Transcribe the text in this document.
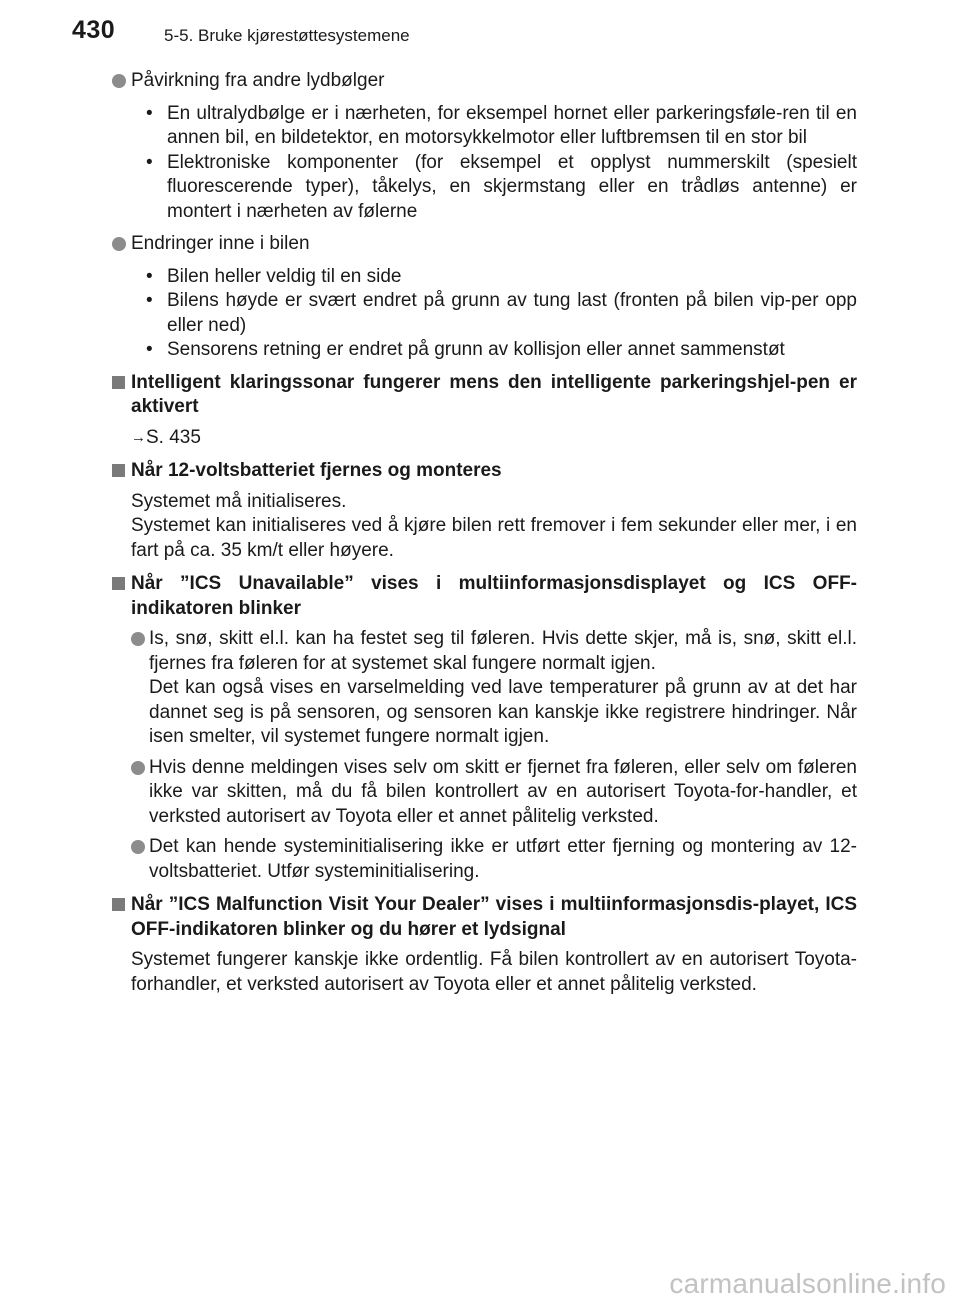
430	5-5. Bruke kjørestøttesystemene
Påvirkning fra andre lydbølger
• En ultralydbølge er i nærheten, for eksempel hornet eller parkeringsføle-ren til en annen bil, en bildetektor, en motorsykkelmotor eller luftbremsen til en stor bil
• Elektroniske komponenter (for eksempel et opplyst nummerskilt (spesielt fluorescerende typer), tåkelys, en skjermstang eller en trådløs antenne) er montert i nærheten av følerne
Endringer inne i bilen
• Bilen heller veldig til en side
• Bilens høyde er svært endret på grunn av tung last (fronten på bilen vip-per opp eller ned)
• Sensorens retning er endret på grunn av kollisjon eller annet sammenstøt
Intelligent klaringssonar fungerer mens den intelligente parkeringshjel-pen er aktivert
→S. 435
Når 12-voltsbatteriet fjernes og monteres

Systemet må initialiseres.

Systemet kan initialiseres ved å kjøre bilen rett fremover i fem sekunder eller mer, i en fart på ca. 35 km/t eller høyere.

Når ”ICS Unavailable” vises i multiinformasjonsdisplayet og ICS OFF-indikatoren blinker

Is, snø, skitt el.l. kan ha festet seg til føleren. Hvis dette skjer, må is, snø, skitt el.l. fjernes fra føleren for at systemet skal fungere normalt igjen.

Det kan også vises en varselmelding ved lave temperaturer på grunn av at det har dannet seg is på sensoren, og sensoren kan kanskje ikke registrere hindringer. Når isen smelter, vil systemet fungere normalt igjen.

Hvis denne meldingen vises selv om skitt er fjernet fra føleren, eller selv om føleren ikke var skitten, må du få bilen kontrollert av en autorisert Toyota-for-handler, et verksted autorisert av Toyota eller et annet pålitelig verksted.

Det kan hende systeminitialisering ikke er utført etter fjerning og montering av 12-voltsbatteriet. Utfør systeminitialisering.

Når ”ICS Malfunction Visit Your Dealer” vises i multiinformasjonsdis-playet, ICS OFF-indikatoren blinker og du hører et lydsignal

Systemet fungerer kanskje ikke ordentlig. Få bilen kontrollert av en autorisert Toyota-forhandler, et verksted autorisert av Toyota eller et annet pålitelig verksted.

carmanualsonline.info
